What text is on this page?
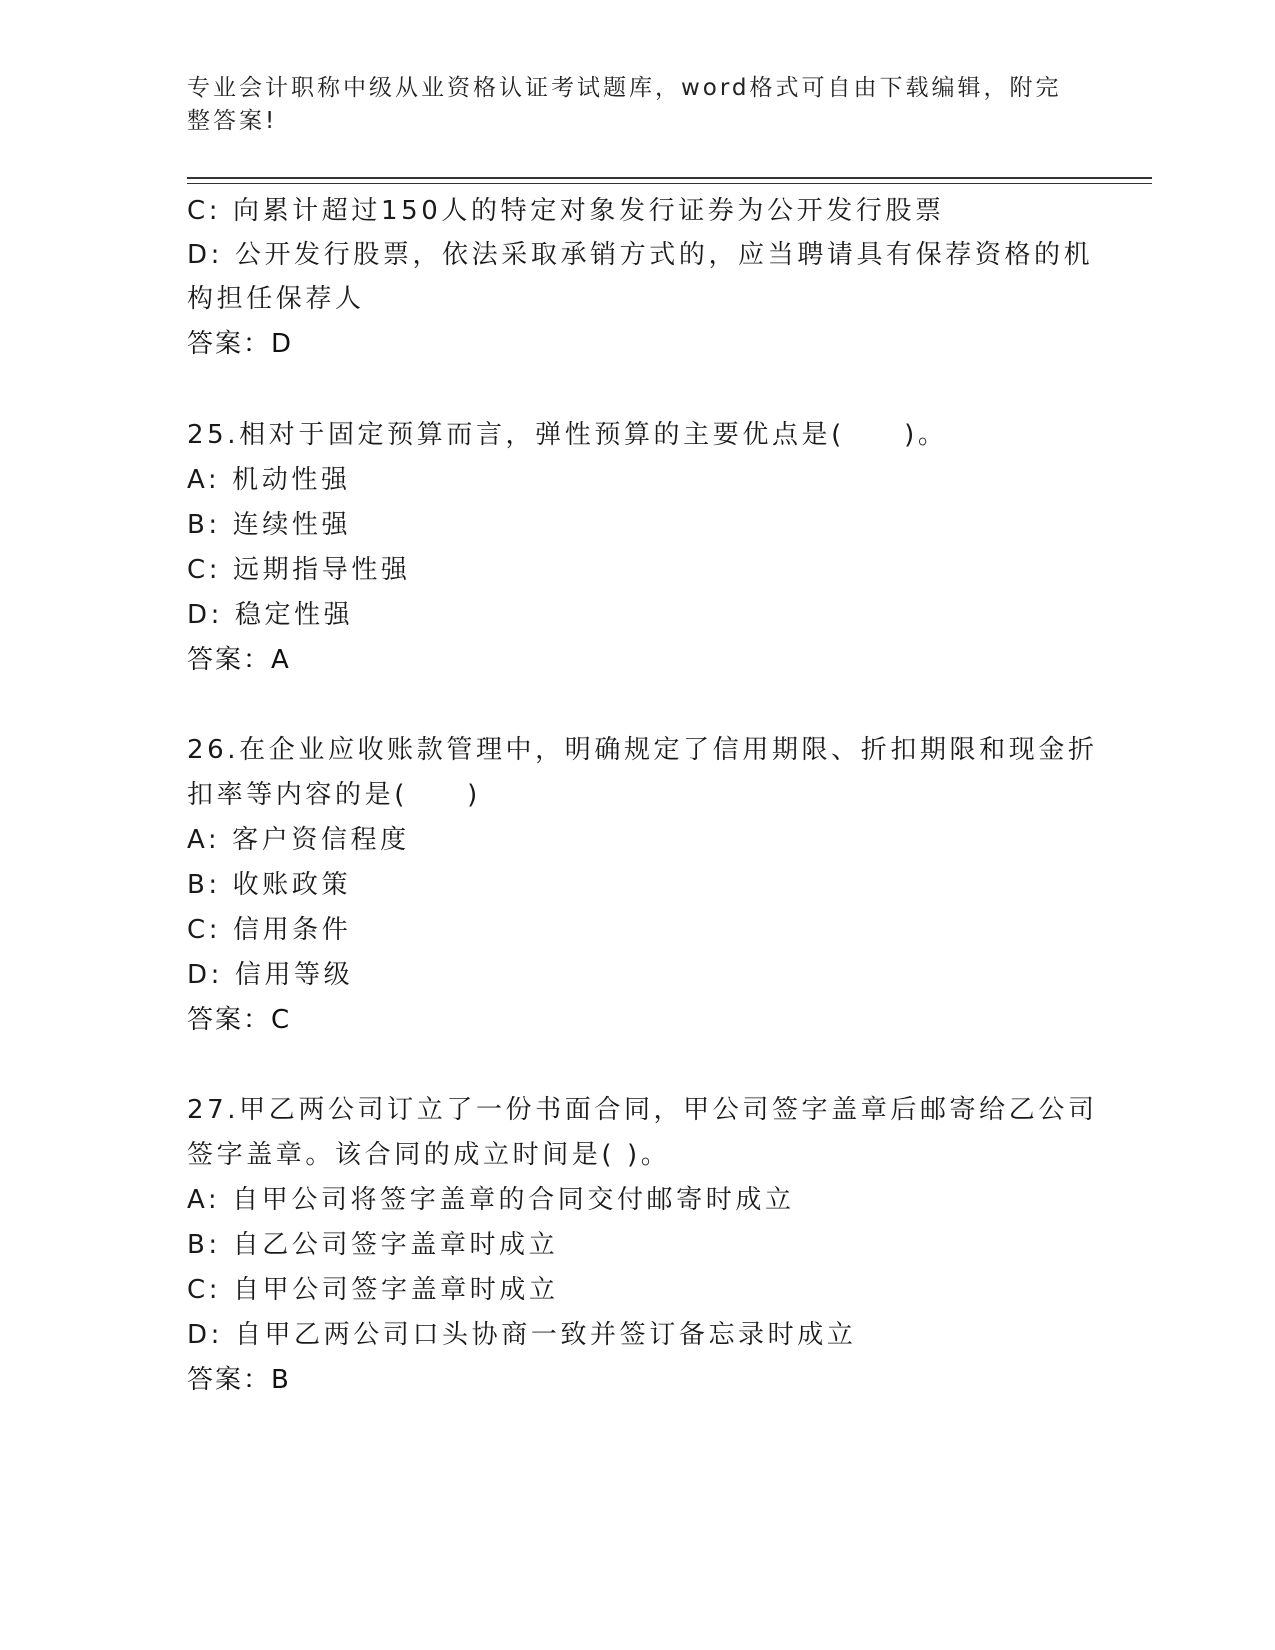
专业会计职称中级从业资格认证考试题库，word格式可自由下载编辑，附完整答案!
C: 向累计超过150人的特定对象发行证券为公开发行股票
D: 公开发行股票，依法采取承销方式的，应当聘请具有保荐资格的机
构担任保荐人
答案：D
25.相对于固定预算而言，弹性预算的主要优点是(　　)。
A: 机动性强
B: 连续性强
C: 远期指导性强
D: 稳定性强
答案：A
26.在企业应收账款管理中，明确规定了信用期限、折扣期限和现金折
扣率等内容的是(　　)
A: 客户资信程度
B: 收账政策
C: 信用条件
D: 信用等级
答案：C
27.甲乙两公司订立了一份书面合同，甲公司签字盖章后邮寄给乙公司
签字盖章。该合同的成立时间是( )。
A: 自甲公司将签字盖章的合同交付邮寄时成立
B: 自乙公司签字盖章时成立
C: 自甲公司签字盖章时成立
D: 自甲乙两公司口头协商一致并签订备忘录时成立
答案：B
